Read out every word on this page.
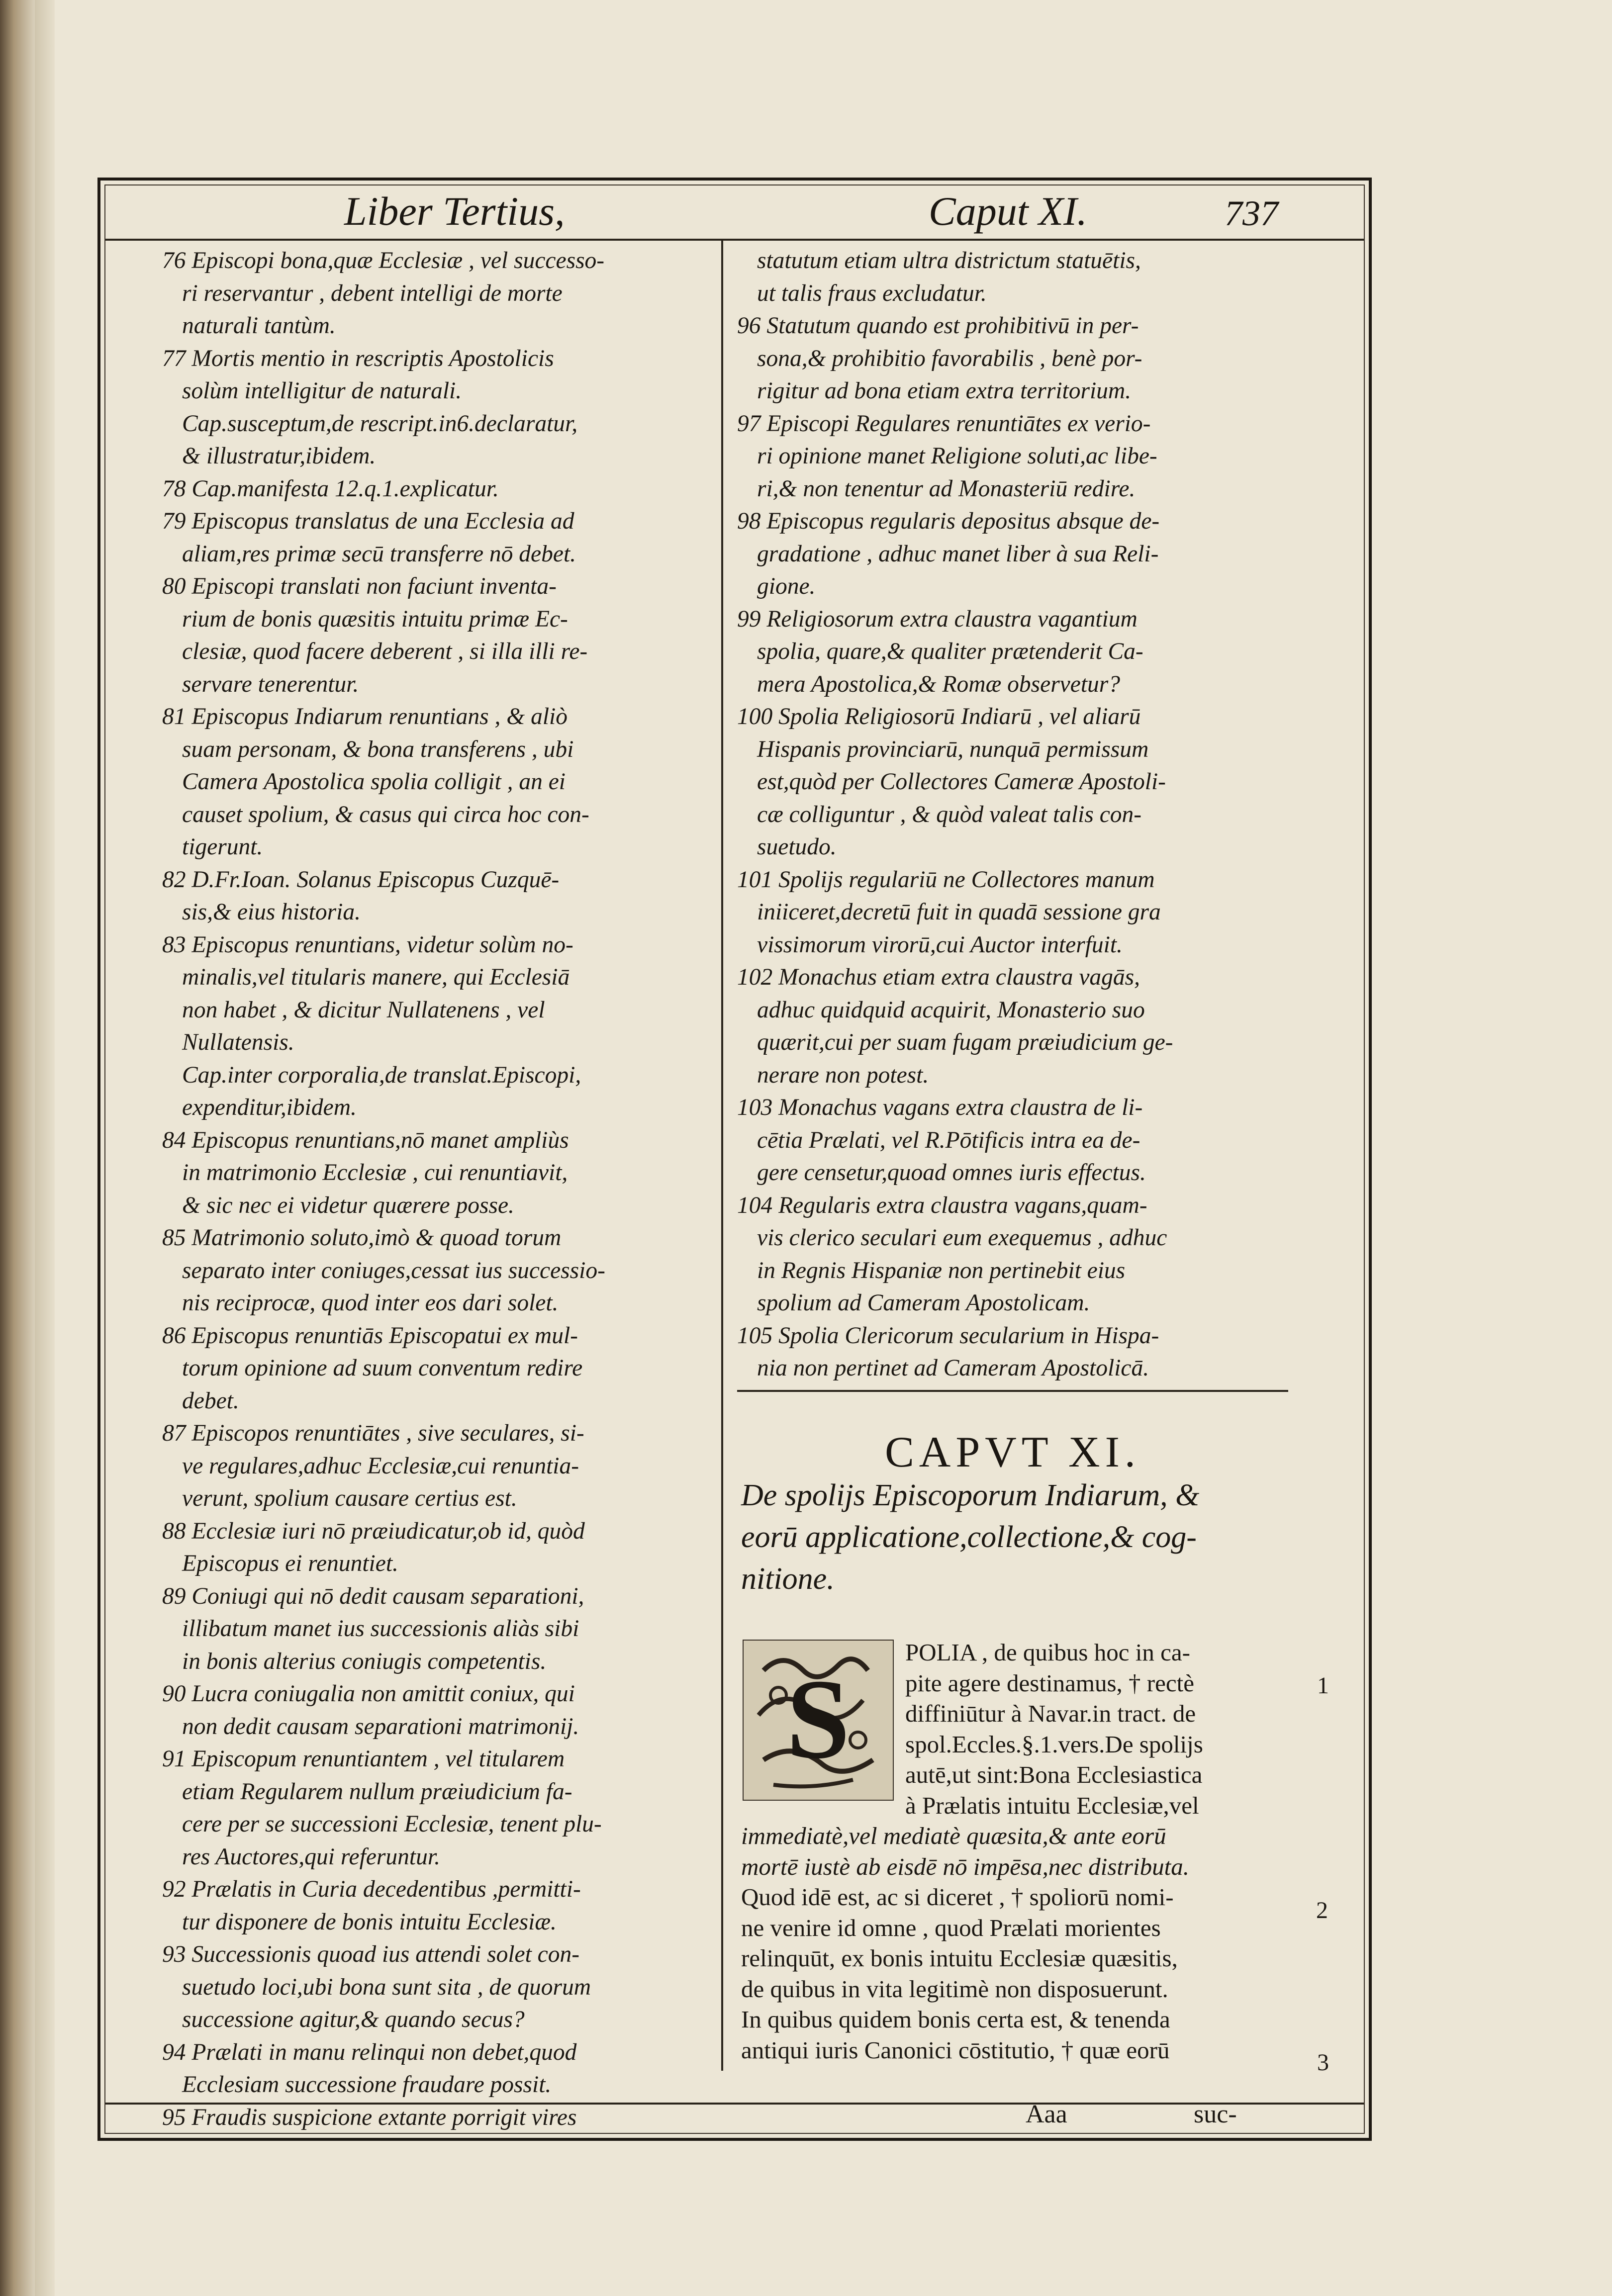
Liber Tertius,	Caput XI.	737

76 Episcopi bona,quæ Ecclesiæ , vel successo-

ri reservantur , debent intelligi de morte

naturali tantùm.

77 Mortis mentio in rescriptis Apostolicis

solùm intelligitur de naturali.

Cap.susceptum,de rescript.in6.declaratur,

& illustratur,ibidem.

78 Cap.manifesta 12.q.1.explicatur.

79 Episcopus translatus de una Ecclesia ad

aliam,res primæ secū transferre nō debet.

80 Episcopi translati non faciunt inventa-

rium de bonis quæsitis intuitu primæ Ec-

clesiæ, quod facere deberent , si illa illi re-

servare tenerentur.

81 Episcopus Indiarum renuntians , & aliò

suam personam, & bona transferens , ubi

Camera Apostolica spolia colligit , an ei

causet spolium, & casus qui circa hoc con-

tigerunt.

82 D.Fr.Ioan. Solanus Episcopus Cuzquē-

sis,& eius historia.

83 Episcopus renuntians, videtur solùm no-

minalis,vel titularis manere, qui Ecclesiā

non habet , & dicitur Nullatenens , vel

Nullatensis.

Cap.inter corporalia,de translat.Episcopi,

expenditur,ibidem.

84 Episcopus renuntians,nō manet ampliùs

in matrimonio Ecclesiæ , cui renuntiavit,

& sic nec ei videtur quærere posse.

85 Matrimonio soluto,imò & quoad torum

separato inter coniuges,cessat ius successio-

nis reciprocæ, quod inter eos dari solet.

86 Episcopus renuntiās Episcopatui ex mul-

torum opinione ad suum conventum redire

debet.

87 Episcopos renuntiātes , sive seculares, si-

ve regulares,adhuc Ecclesiæ,cui renuntia-

verunt, spolium causare certius est.

88 Ecclesiæ iuri nō præiudicatur,ob id, quòd

Episcopus ei renuntiet.

89 Coniugi qui nō dedit causam separationi,

illibatum manet ius successionis aliàs sibi

in bonis alterius coniugis competentis.

90 Lucra coniugalia non amittit coniux, qui

non dedit causam separationi matrimonij.

91 Episcopum renuntiantem , vel titularem

etiam Regularem nullum præiudicium fa-

cere per se successioni Ecclesiæ, tenent plu-

res Auctores,qui referuntur.

92 Prælatis in Curia decedentibus ,permitti-

tur disponere de bonis intuitu Ecclesiæ.

93 Successionis quoad ius attendi solet con-

suetudo loci,ubi bona sunt sita , de quorum

successione agitur,& quando secus?

94 Prælati in manu relinqui non debet,quod

Ecclesiam successione fraudare possit.

95 Fraudis suspicione extante porrigit vires

statutum etiam ultra districtum statuētis,

ut talis fraus excludatur.

96 Statutum quando est prohibitivū in per-

sona,& prohibitio favorabilis , benè por-

rigitur ad bona etiam extra territorium.

97 Episcopi Regulares renuntiātes ex verio-

ri opinione manet Religione soluti,ac libe-

ri,& non tenentur ad Monasteriū redire.

98 Episcopus regularis depositus absque de-

gradatione , adhuc manet liber à sua Reli-

gione.

99 Religiosorum extra claustra vagantium

spolia, quare,& qualiter prætenderit Ca-

mera Apostolica,& Romæ observetur?

100 Spolia Religiosorū Indiarū , vel aliarū

Hispanis provinciarū, nunquā permissum

est,quòd per Collectores Cameræ Apostoli-

cæ colliguntur , & quòd valeat talis con-

suetudo.

101 Spolijs regulariū ne Collectores manum

iniiceret,decretū fuit in quadā sessione gra

vissimorum virorū,cui Auctor interfuit.

102 Monachus etiam extra claustra vagās,

adhuc quidquid acquirit, Monasterio suo

quærit,cui per suam fugam præiudicium ge-

nerare non potest.

103 Monachus vagans extra claustra de li-

cētia Prælati, vel R.Pōtificis intra ea de-

gere censetur,quoad omnes iuris effectus.

104 Regularis extra claustra vagans,quam-

vis clerico seculari eum exequemus , adhuc

in Regnis Hispaniæ non pertinebit eius

spolium ad Cameram Apostolicam.

105 Spolia Clericorum secularium in Hispa-

nia non pertinet ad Cameram Apostolicā.

CAPVT XI.
De spolijs Episcoporum Indiarum, &
eorū applicatione,collectione,& cog-
nitione.
POLIA , de quibus hoc in ca-
pite agere destinamus, † rectè
diffiniūtur à Navar.in tract. de
spol.Eccles.§.1.vers.De spolijs
autē,ut sint:Bona Ecclesiastica
à Prælatis intuitu Ecclesiæ,vel
immediatè,vel mediatè quæsita,& ante eorū
mortē iustè ab eisdē nō impēsa,nec distributa.
Quod idē est, ac si diceret , † spoliorū nomi-
ne venire id omne , quod Prælati morientes
relinquūt, ex bonis intuitu Ecclesiæ quæsitis,
de quibus in vita legitimè non disposuerunt.
In quibus quidem bonis certa est, & tenenda
antiqui iuris Canonici cōstitutio, † quæ eorū
S	1
2
3
Aaa	suc-
